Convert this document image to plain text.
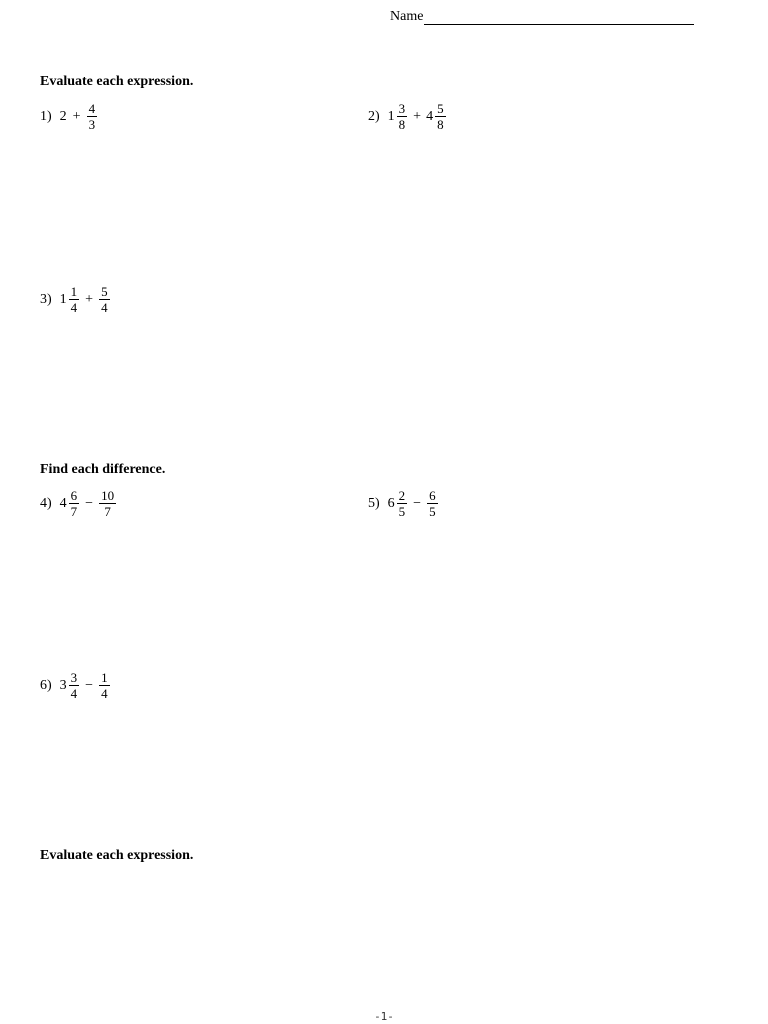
Name
Evaluate each expression.
1) $2 + \frac{4}{3}$	2) $1 \frac{3}{8} + 4 \frac{5}{8}$
3) $1 \frac{1}{4} + \frac{5}{4}$
Find each difference.
4) $4 \frac{6}{7} - \frac{10}{7}$	5) $6 \frac{2}{5} - \frac{6}{5}$
6) $3 \frac{3}{4} - \frac{1}{4}$
Evaluate each expression.
-1-
